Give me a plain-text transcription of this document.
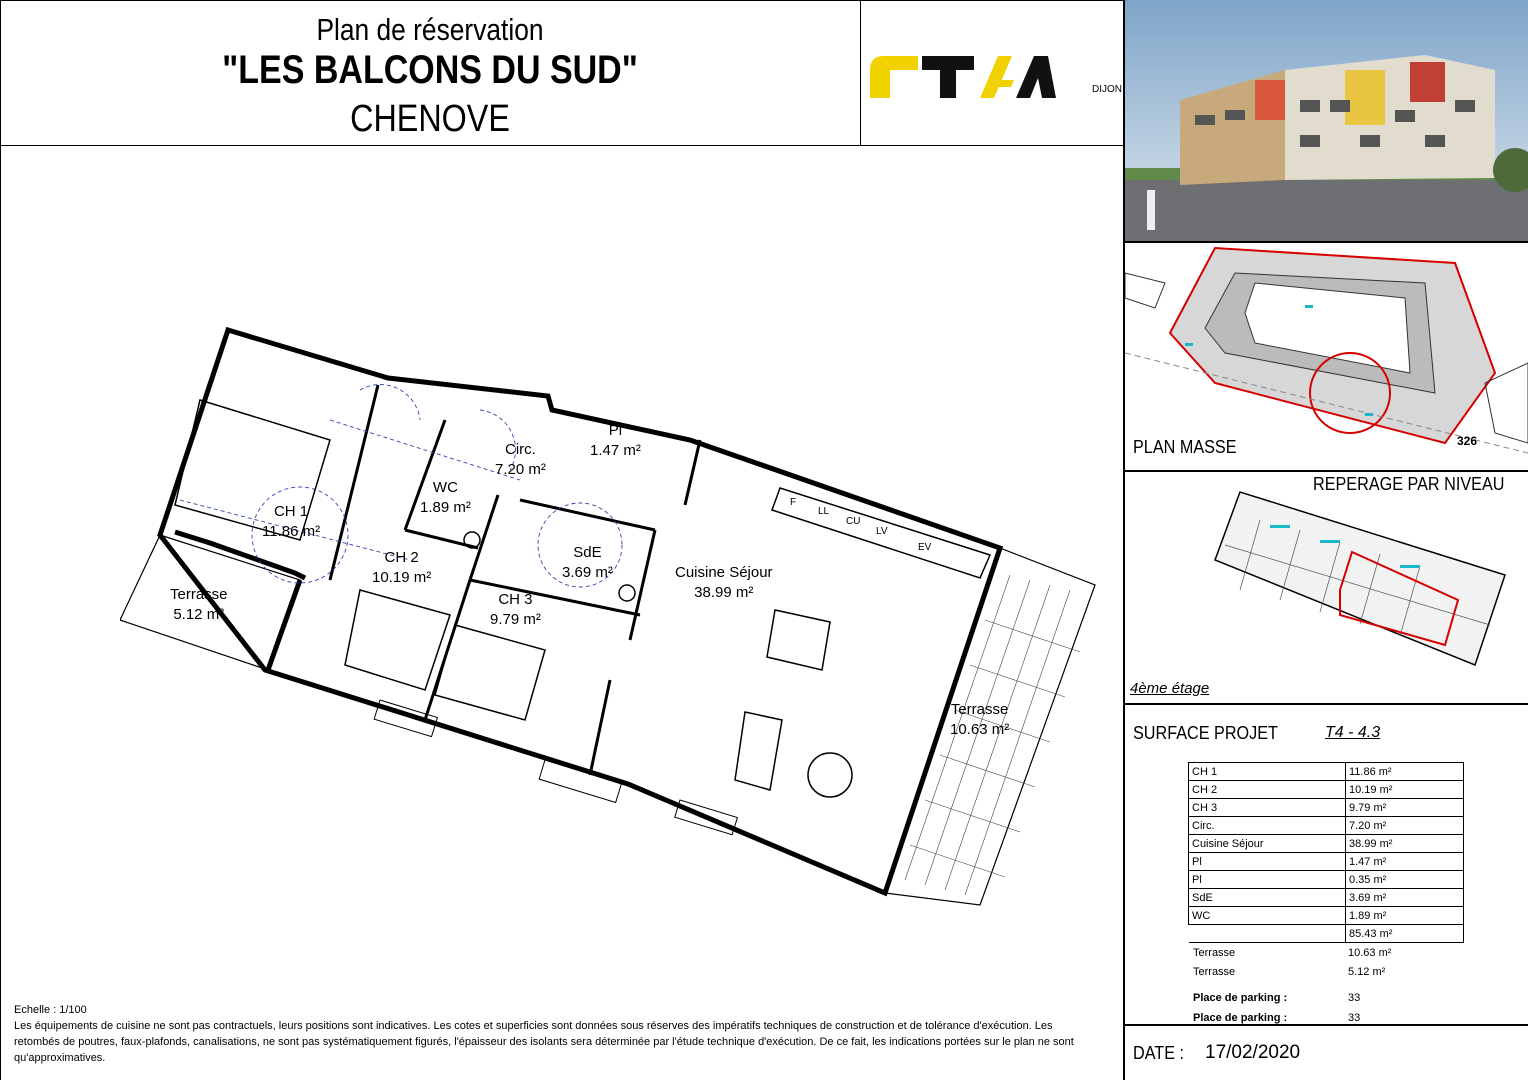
Plan de réservation
"LES BALCONS DU SUD"
CHENOVE
DIJON
F
LL
CU
LV
EV
CH 1
11.86 m²
CH 2
10.19 m²
CH 3
9.79 m²
Circ.
7.20 m²
Pl
1.47 m²
WC
1.89 m²
SdE
3.69 m²	Cuisine Séjour
38.99 m²
Terrasse
5.12 m²
Terrasse
10.63 m²
PLAN MASSE	326
REPERAGE PAR NIVEAU
4ème étage
SURFACE PROJET	T4 - 4.3
CH 1	11.86 m²
CH 2	10.19 m²
CH 3	9.79 m²
Circ.	7.20 m²
Cuisine Séjour	38.99 m²
Pl	1.47 m²
Pl	0.35 m²
SdE	3.69 m²
WC	1.89 m²
	85.43 m²
Terrasse	10.63 m²
Terrasse	5.12 m²
Place de parking :	33
Place de parking :	33
DATE : 17/02/2020
Echelle : 1/100
Les équipements de cuisine ne sont pas contractuels, leurs positions sont indicatives. Les cotes et superficies sont données sous réserves des impératifs techniques de construction et de tolérance d'exécution. Les retombés de poutres, faux-plafonds, canalisations, ne sont pas systématiquement figurés, l'épaisseur des isolants sera déterminée par l'étude technique d'exécution. De ce fait, les indications portées sur le plan ne sont qu'approximatives.
